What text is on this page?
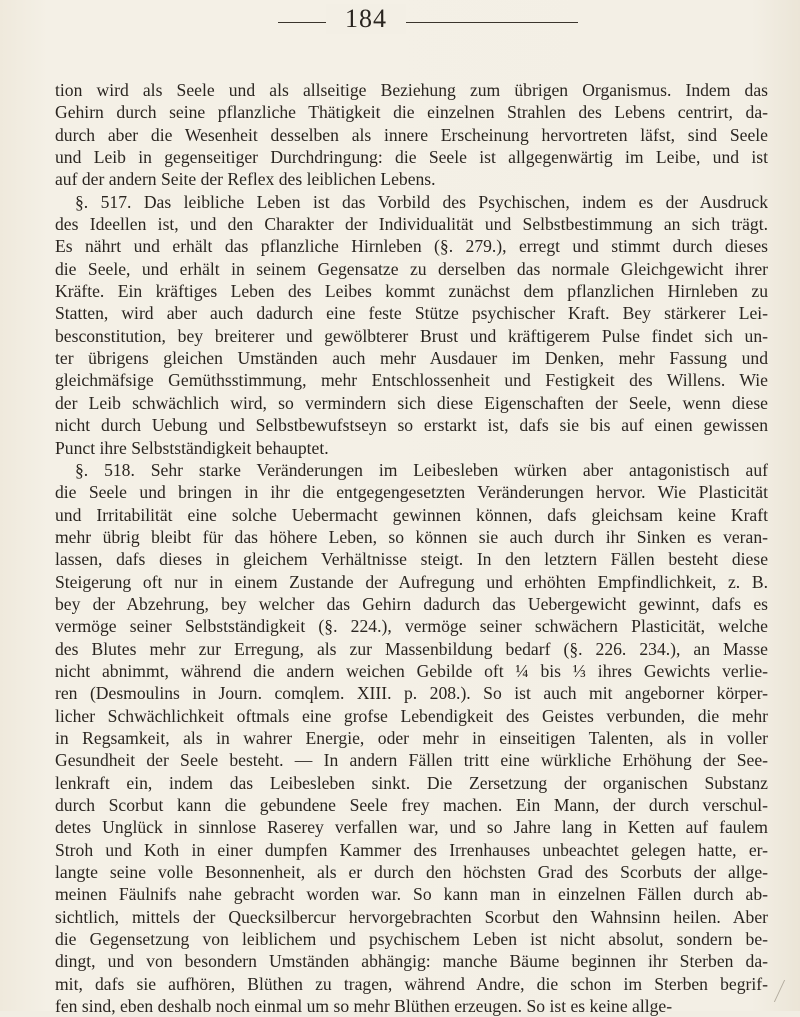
184
tion wird als Seele und als allseitige Beziehung zum übrigen Organismus. Indem das
Gehirn durch seine pflanzliche Thätigkeit die einzelnen Strahlen des Lebens centrirt, da-
durch aber die Wesenheit desselben als innere Erscheinung hervortreten läfst, sind Seele
und Leib in gegenseitiger Durchdringung: die Seele ist allgegenwärtig im Leibe, und ist
auf der andern Seite der Reflex des leiblichen Lebens.
§. 517. Das leibliche Leben ist das Vorbild des Psychischen, indem es der Ausdruck
des Ideellen ist, und den Charakter der Individualität und Selbstbestimmung an sich trägt.
Es nährt und erhält das pflanzliche Hirnleben (§. 279.), erregt und stimmt durch dieses
die Seele, und erhält in seinem Gegensatze zu derselben das normale Gleichgewicht ihrer
Kräfte. Ein kräftiges Leben des Leibes kommt zunächst dem pflanzlichen Hirnleben zu
Statten, wird aber auch dadurch eine feste Stütze psychischer Kraft. Bey stärkerer Lei-
besconstitution, bey breiterer und gewölbterer Brust und kräftigerem Pulse findet sich un-
ter übrigens gleichen Umständen auch mehr Ausdauer im Denken, mehr Fassung und
gleichmäfsige Gemüthsstimmung, mehr Entschlossenheit und Festigkeit des Willens. Wie
der Leib schwächlich wird, so vermindern sich diese Eigenschaften der Seele, wenn diese
nicht durch Uebung und Selbstbewufstseyn so erstarkt ist, dafs sie bis auf einen gewissen
Punct ihre Selbstständigkeit behauptet.
§. 518. Sehr starke Veränderungen im Leibesleben würken aber antagonistisch auf
die Seele und bringen in ihr die entgegengesetzten Veränderungen hervor. Wie Plasticität
und Irritabilität eine solche Uebermacht gewinnen können, dafs gleichsam keine Kraft
mehr übrig bleibt für das höhere Leben, so können sie auch durch ihr Sinken es veran-
lassen, dafs dieses in gleichem Verhältnisse steigt. In den letztern Fällen besteht diese
Steigerung oft nur in einem Zustande der Aufregung und erhöhten Empfindlichkeit, z. B.
bey der Abzehrung, bey welcher das Gehirn dadurch das Uebergewicht gewinnt, dafs es
vermöge seiner Selbstständigkeit (§. 224.), vermöge seiner schwächern Plasticität, welche
des Blutes mehr zur Erregung, als zur Massenbildung bedarf (§. 226. 234.), an Masse
nicht abnimmt, während die andern weichen Gebilde oft ¼ bis ⅓ ihres Gewichts verlie-
ren (Desmoulins in Journ. comqlem. XIII. p. 208.). So ist auch mit angeborner körper-
licher Schwächlichkeit oftmals eine grofse Lebendigkeit des Geistes verbunden, die mehr
in Regsamkeit, als in wahrer Energie, oder mehr in einseitigen Talenten, als in voller
Gesundheit der Seele besteht. — In andern Fällen tritt eine würkliche Erhöhung der See-
lenkraft ein, indem das Leibesleben sinkt. Die Zersetzung der organischen Substanz
durch Scorbut kann die gebundene Seele frey machen. Ein Mann, der durch verschul-
detes Unglück in sinnlose Raserey verfallen war, und so Jahre lang in Ketten auf faulem
Stroh und Koth in einer dumpfen Kammer des Irrenhauses unbeachtet gelegen hatte, er-
langte seine volle Besonnenheit, als er durch den höchsten Grad des Scorbuts der allge-
meinen Fäulnifs nahe gebracht worden war. So kann man in einzelnen Fällen durch ab-
sichtlich, mittels der Quecksilbercur hervorgebrachten Scorbut den Wahnsinn heilen. Aber
die Gegensetzung von leiblichem und psychischem Leben ist nicht absolut, sondern be-
dingt, und von besondern Umständen abhängig: manche Bäume beginnen ihr Sterben da-
mit, dafs sie aufhören, Blüthen zu tragen, während Andre, die schon im Sterben begrif-
fen sind, eben deshalb noch einmal um so mehr Blüthen erzeugen. So ist es keine allge-
